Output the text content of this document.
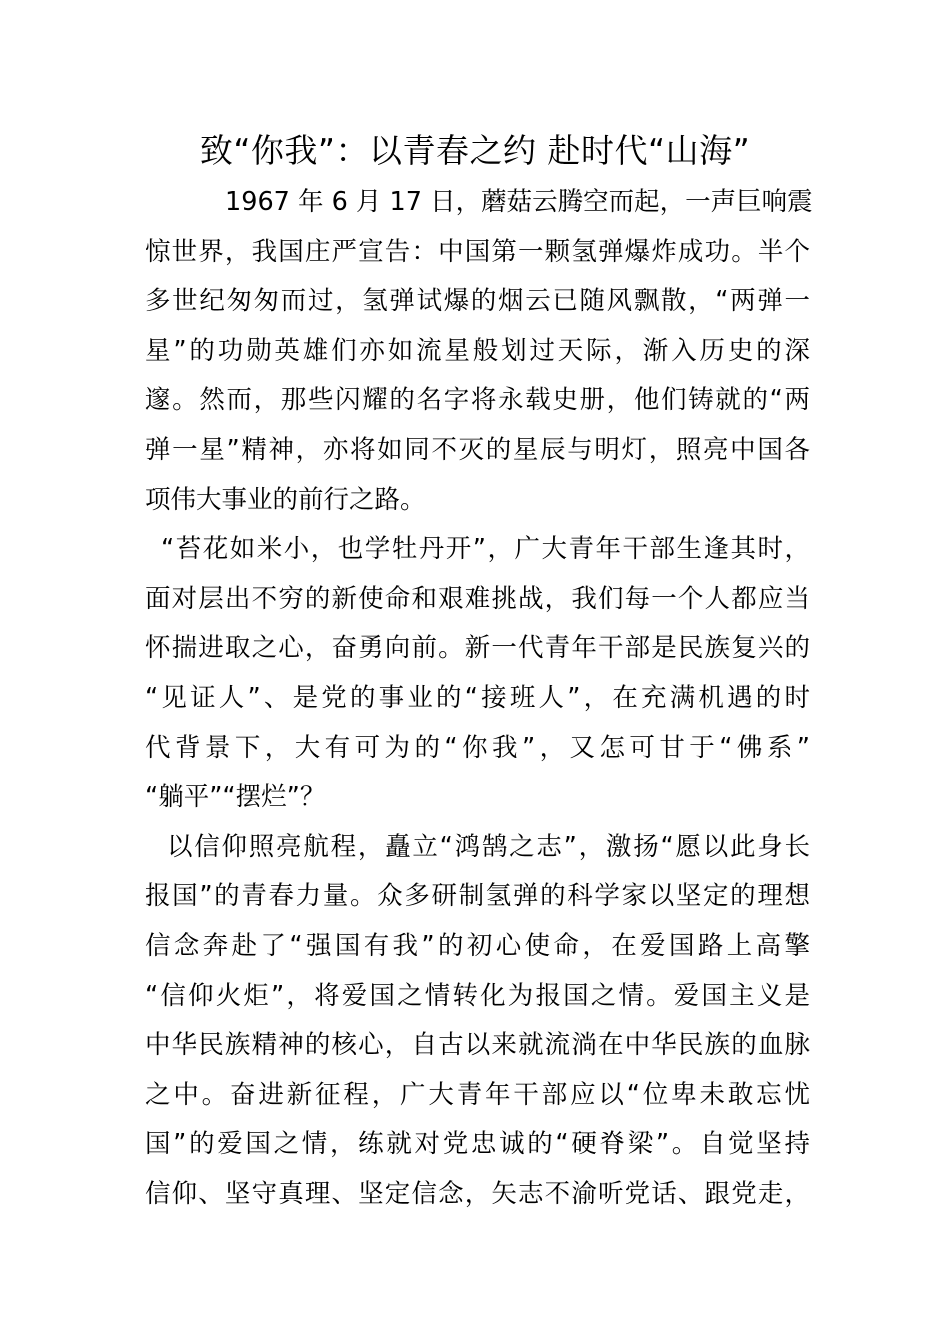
致“你我”：以青春之约 赴时代“山海”
1967 年 6 月 17 日，蘑菇云腾空而起，一声巨响震
惊世界，我国庄严宣告：中国第一颗氢弹爆炸成功。半个
多世纪匆匆而过，氢弹试爆的烟云已随风飘散，“两弹一
星”的功勋英雄们亦如流星般划过天际，渐入历史的深
邃。然而，那些闪耀的名字将永载史册，他们铸就的“两
弹一星”精神，亦将如同不灭的星辰与明灯，照亮中国各
项伟大事业的前行之路。
“苔花如米小，也学牡丹开”，广大青年干部生逢其时，
面对层出不穷的新使命和艰难挑战，我们每一个人都应当
怀揣进取之心，奋勇向前。新一代青年干部是民族复兴的
“见证人”、是党的事业的“接班人”，在充满机遇的时
代背景下，大有可为的“你我”，又怎可甘于“佛系”
“躺平”“摆烂”？
以信仰照亮航程，矗立“鸿鹄之志”，激扬“愿以此身长
报国”的青春力量。众多研制氢弹的科学家以坚定的理想
信念奔赴了“强国有我”的初心使命，在爱国路上高擎
“信仰火炬”，将爱国之情转化为报国之情。爱国主义是
中华民族精神的核心，自古以来就流淌在中华民族的血脉
之中。奋进新征程，广大青年干部应以“位卑未敢忘忧
国”的爱国之情，练就对党忠诚的“硬脊梁”。自觉坚持
信仰、坚守真理、坚定信念，矢志不渝听党话、跟党走，
